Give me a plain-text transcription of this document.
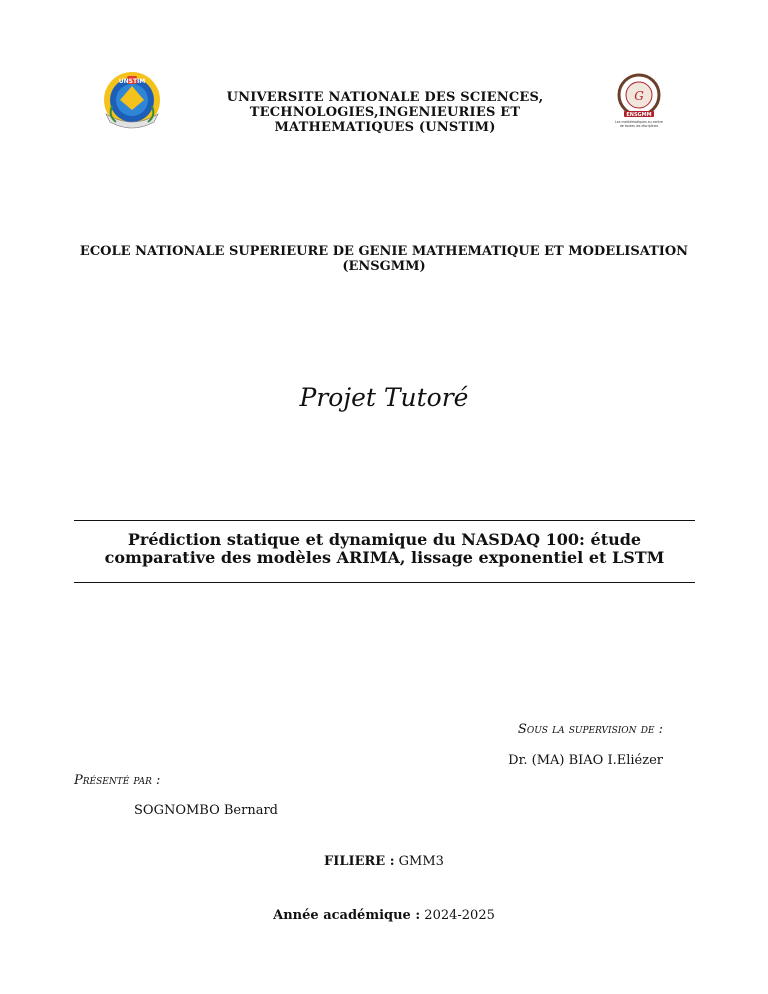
UNSTIM
UNIVERSITE NATIONALE DES SCIENCES, TECHNOLOGIES,INGENIEURIES ET MATHEMATIQUES (UNSTIM)
G
ENSGMM
Les mathématiques au centre
de toutes les disciplines
ECOLE NATIONALE SUPERIEURE DE GENIE MATHEMATIQUE ET MODELISATION (ENSGMM)
Projet Tutoré
Prédiction statique et dynamique du NASDAQ 100: étude comparative des modèles ARIMA, lissage exponentiel et LSTM
Sous la supervision de :
Dr. (MA) BIAO I.Eliézer
Présenté par :
SOGNOMBO Bernard
FILIERE : GMM3
Année académique : 2024-2025
